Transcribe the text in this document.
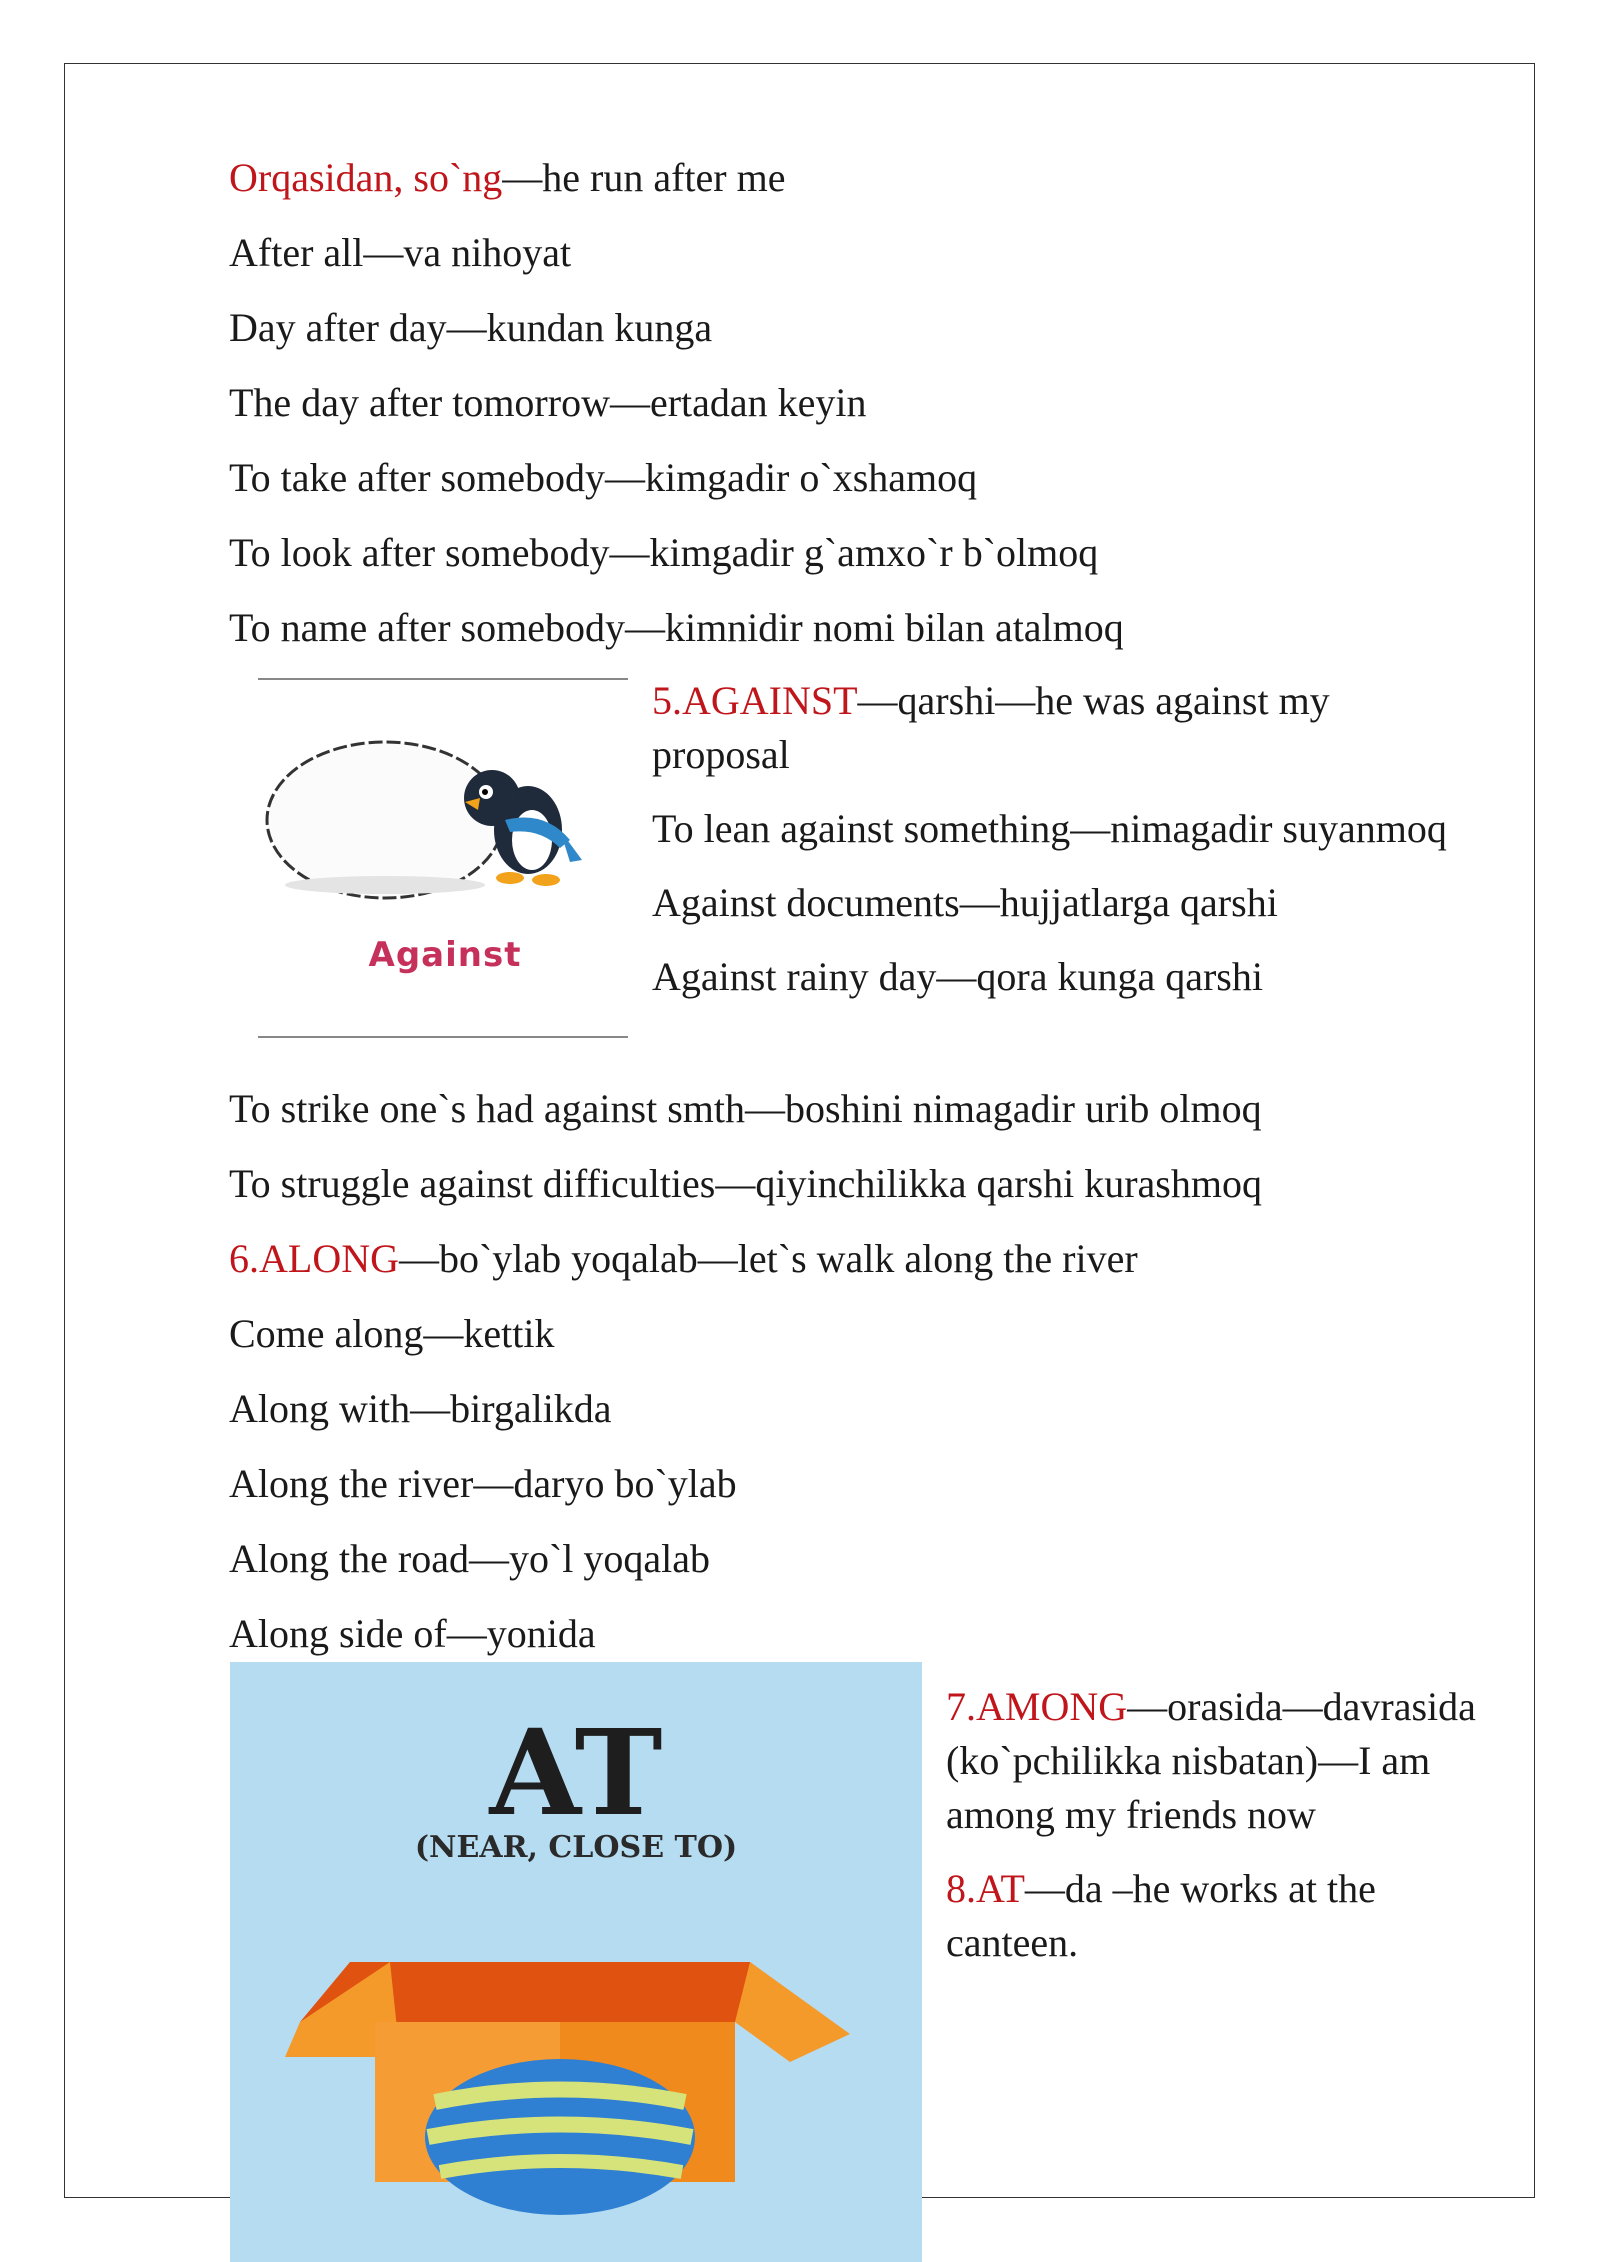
Orqasidan, so`ng—he run after me
After all—va nihoyat
Day after day—kundan kunga
The day after tomorrow—ertadan keyin
To take after somebody—kimgadir o`xshamoq
To look after somebody—kimgadir g`amxo`r b`olmoq
To name after somebody—kimnidir nomi bilan atalmoq
Against

5.AGAINST—qarshi—he was against my proposal

To lean against something—nimagadir suyanmoq

Against documents—hujjatlarga qarshi

Against rainy day—qora kunga qarshi

To strike one`s had against smth—boshini nimagadir urib olmoq
To struggle against difficulties—qiyinchilikka qarshi kurashmoq
6.ALONG—bo`ylab yoqalab—let`s walk along the river
Come along—kettik
Along with—birgalikda
Along the river—daryo bo`ylab
Along the road—yo`l yoqalab
Along side of—yonida
AT
(NEAR, CLOSE TO)

7.AMONG—orasida—davrasida (ko`pchilikka nisbatan)—I am among my friends now

8.AT—da –he works at the canteen.
